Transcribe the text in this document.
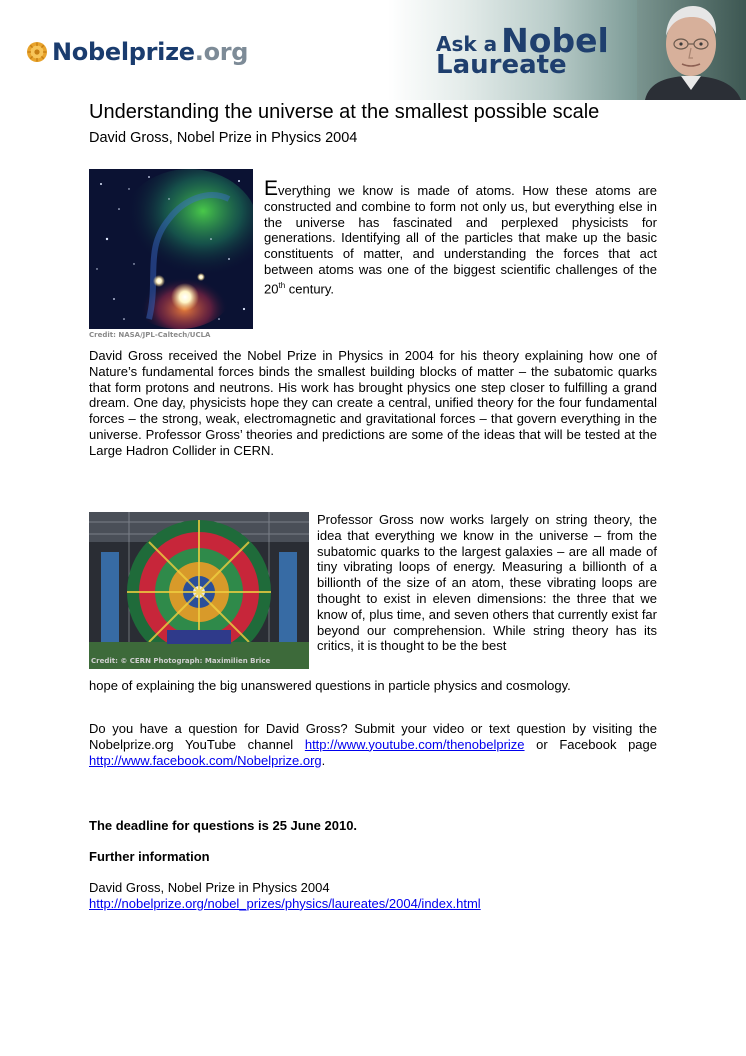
Nobelprize.org	Ask a Nobel
Laureate
Understanding the universe at the smallest possible scale
David Gross, Nobel Prize in Physics 2004
Credit: NASA/JPL-Caltech/UCLA
Everything we know is made of atoms. How these atoms are constructed and combine to form not only us, but everything else in the universe has fascinated and perplexed physicists for generations. Identifying all of the particles that make up the basic constituents of matter, and understanding the forces that act between atoms was one of the biggest scientific challenges of the 20th century.
David Gross received the Nobel Prize in Physics in 2004 for his theory explaining how one of Nature’s fundamental forces binds the smallest building blocks of matter – the subatomic quarks that form protons and neutrons. His work has brought physics one step closer to fulfilling a grand dream. One day, physicists hope they can create a central, unified theory for the four fundamental forces – the strong, weak, electromagnetic and gravitational forces – that govern everything in the universe. Professor Gross’ theories and predictions are some of the ideas that will be tested at the Large Hadron Collider in CERN.
Credit: © CERN Photograph: Maximilien Brice
Professor Gross now works largely on string theory, the idea that everything we know in the universe – from the subatomic quarks to the largest galaxies – are all made of tiny vibrating loops of energy. Measuring a billionth of a billionth of the size of an atom, these vibrating loops are thought to exist in eleven dimensions: the three that we know of, plus time, and seven others that currently exist far beyond our comprehension. While string theory has its critics, it is thought to be the best
hope of explaining the big unanswered questions in particle physics and cosmology.
Do you have a question for David Gross? Submit your video or text question by visiting the Nobelprize.org YouTube channel http://www.youtube.com/thenobelprize or Facebook page http://www.facebook.com/Nobelprize.org.
The deadline for questions is 25 June 2010.
Further information
David Gross, Nobel Prize in Physics 2004
http://nobelprize.org/nobel_prizes/physics/laureates/2004/index.html
